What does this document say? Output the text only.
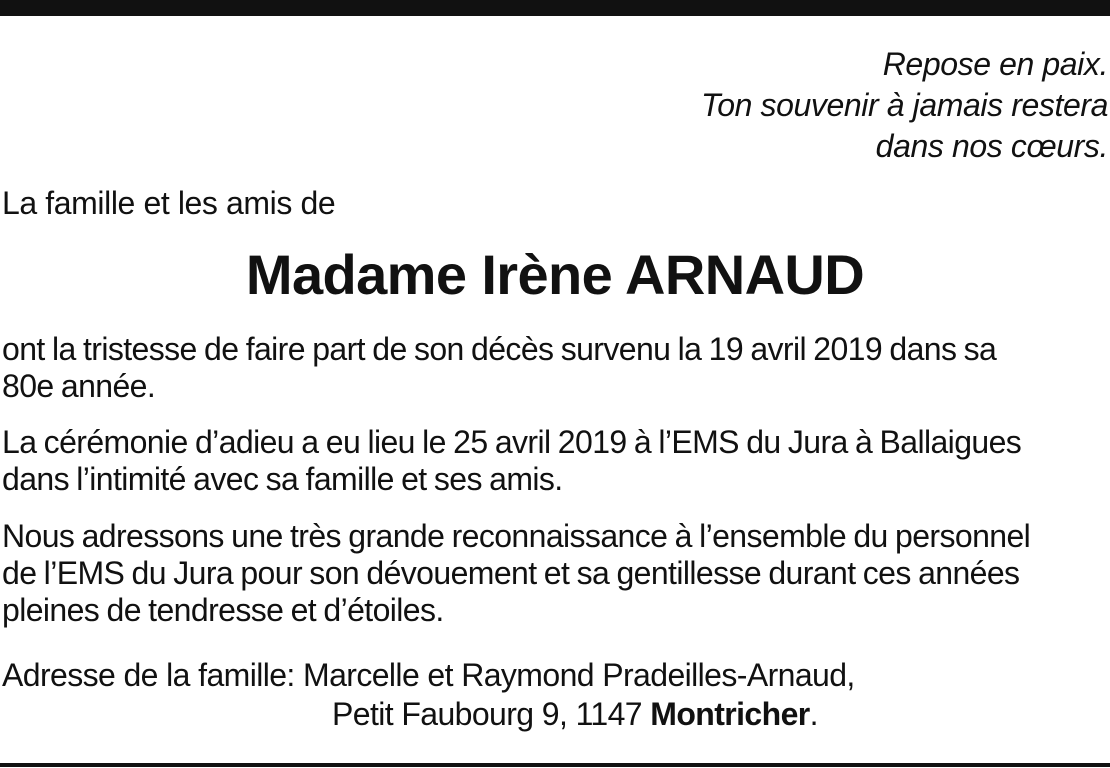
Repose en paix.
Ton souvenir à jamais restera
dans nos cœurs.
La famille et les amis de
Madame Irène ARNAUD
ont la tristesse de faire part de son décès survenu la 19 avril 2019 dans sa
80e année.
La cérémonie d’adieu a eu lieu le 25 avril 2019 à l’EMS du Jura à Ballaigues
dans l’intimité avec sa famille et ses amis.
Nous adressons une très grande reconnaissance à l’ensemble du personnel
de l’EMS du Jura pour son dévouement et sa gentillesse durant ces années
pleines de tendresse et d’étoiles.
Adresse de la famille: Marcelle et Raymond Pradeilles-Arnaud,
Petit Faubourg 9, 1147 Montricher.
